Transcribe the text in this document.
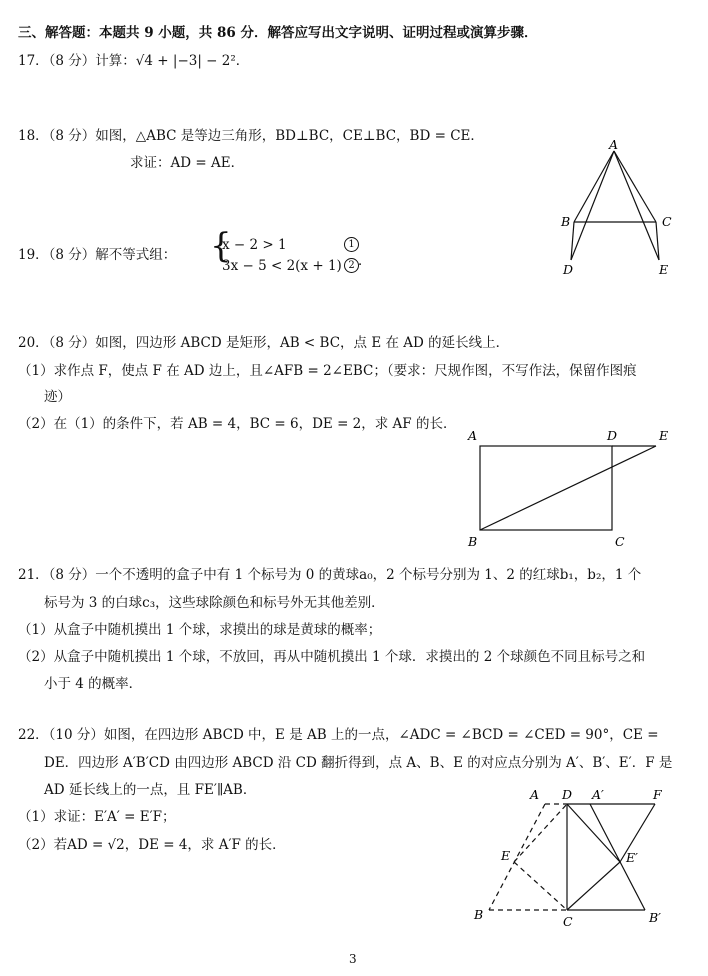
三、解答题：本题共 9 小题，共 86 分．解答应写出文字说明、证明过程或演算步骤．
17．（8 分）计算：√4 + |−3| − 2²．
18．（8 分）如图，△ABC 是等边三角形，BD⊥BC，CE⊥BC，BD = CE．
求证：AD = AE．
19．（8 分）解不等式组： {
x − 2 > 1
3x − 5 < 2(x + 1)
1
2 ．
20．（8 分）如图，四边形 ABCD 是矩形，AB < BC，点 E 在 AD 的延长线上．
（1）求作点 F，使点 F 在 AD 边上，且∠AFB = 2∠EBC；（要求：尺规作图，不写作法，保留作图痕
迹）
（2）在（1）的条件下，若 AB = 4，BC = 6，DE = 2，求 AF 的长．
21．（8 分）一个不透明的盒子中有 1 个标号为 0 的黄球a₀，2 个标号分别为 1、2 的红球b₁，b₂，1 个
标号为 3 的白球c₃，这些球除颜色和标号外无其他差别．
（1）从盒子中随机摸出 1 个球，求摸出的球是黄球的概率；
（2）从盒子中随机摸出 1 个球，不放回，再从中随机摸出 1 个球．求摸出的 2 个球颜色不同且标号之和
小于 4 的概率．
22．（10 分）如图，在四边形 ABCD 中，E 是 AB 上的一点，∠ADC = ∠BCD = ∠CED = 90°，CE =
DE．四边形 A′B′CD 由四边形 ABCD 沿 CD 翻折得到，点 A、B、E 的对应点分别为 A′、B′、E′．F 是
AD 延长线上的一点，且 FE′∥AB．
（1）求证：E′A′ = E′F；
（2）若AD = √2，DE = 4，求 A′F 的长．
3
A
B	C
D	E
A	D	E
B	C
A D A′	F
E	E′
B	C	B′
